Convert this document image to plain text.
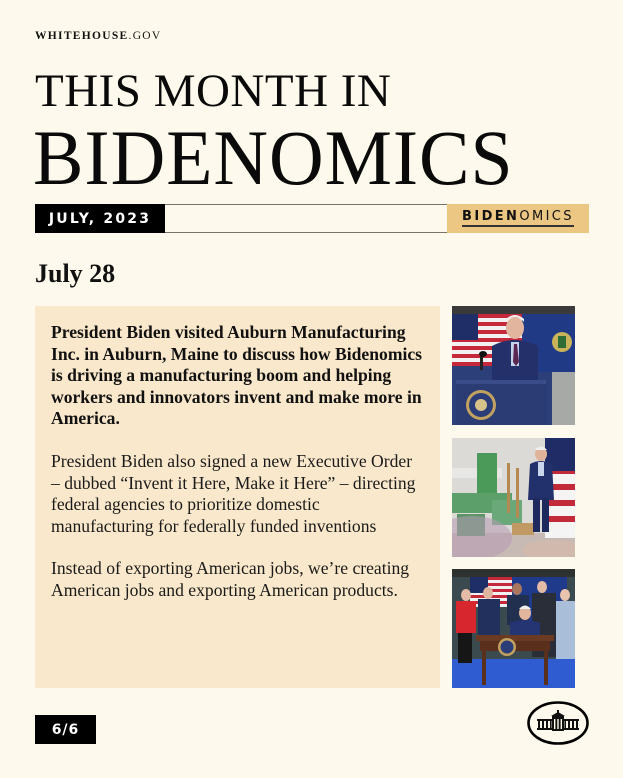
WHITEHOUSE.GOV
THIS MONTH IN
BIDENOMICS
JULY, 2023	BIDEN OMICS
July 28

President Biden visited Auburn Manufacturing Inc. in Auburn, Maine to discuss how Bidenomics is driving a manufacturing boom and helping workers and innovators invent and make more in America.

President Biden also signed a new Executive Order – dubbed “Invent it Here, Make it Here” – directing federal agencies to prioritize domestic manufacturing for federally funded inventions

Instead of exporting American jobs, we’re creating American jobs and exporting American products.

6/6
